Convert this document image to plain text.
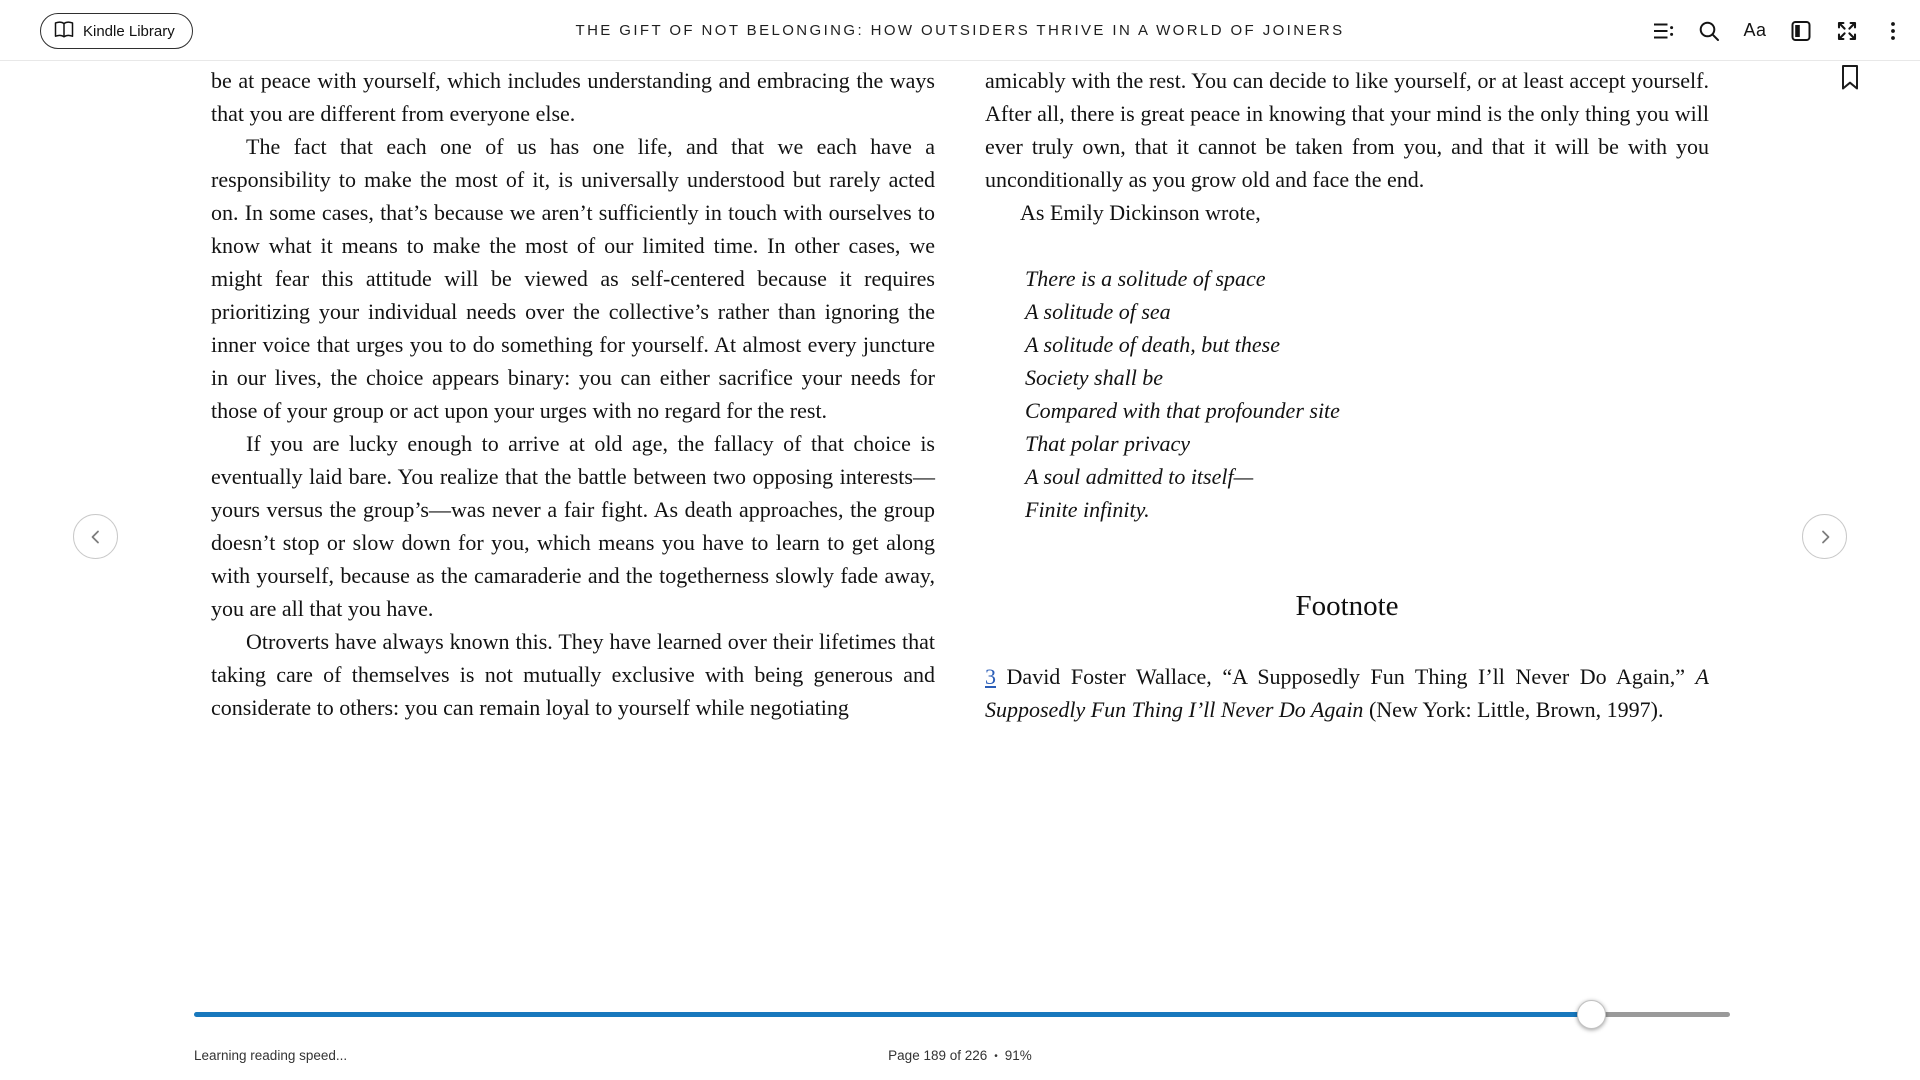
Kindle Library	THE GIFT OF NOT BELONGING: HOW OUTSIDERS THRIVE IN A WORLD OF JOINERS	Aa

be at peace with yourself, which includes understanding and embracing the ways that you are different from everyone else.

The fact that each one of us has one life, and that we each have a responsibility to make the most of it, is universally understood but rarely acted on. In some cases, that’s because we aren’t sufficiently in touch with ourselves to know what it means to make the most of our limited time. In other cases, we might fear this attitude will be viewed as self-centered because it requires prioritizing your individual needs over the collective’s rather than ignoring the inner voice that urges you to do something for yourself. At almost every juncture in our lives, the choice appears binary: you can either sacrifice your needs for those of your group or act upon your urges with no regard for the rest.

If you are lucky enough to arrive at old age, the fallacy of that choice is eventually laid bare. You realize that the battle between two opposing interests—yours versus the group’s—was never a fair fight. As death approaches, the group doesn’t stop or slow down for you, which means you have to learn to get along with yourself, because as the camaraderie and the togetherness slowly fade away, you are all that you have.

Otroverts have always known this. They have learned over their lifetimes that taking care of themselves is not mutually exclusive with being generous and considerate to others: you can remain loyal to yourself while negotiating

amicably with the rest. You can decide to like yourself, or at least accept yourself. After all, there is great peace in knowing that your mind is the only thing you will ever truly own, that it cannot be taken from you, and that it will be with you unconditionally as you grow old and face the end.

As Emily Dickinson wrote,

There is a solitude of space
A solitude of sea
A solitude of death, but these
Society shall be
Compared with that profounder site
That polar privacy
A soul admitted to itself—
Finite infinity.
Footnote

3 David Foster Wallace, “A Supposedly Fun Thing I’ll Never Do Again,” A Supposedly Fun Thing I’ll Never Do Again (New York: Little, Brown, 1997).

Learning reading speed...	Page 189 of 226 • 91%
